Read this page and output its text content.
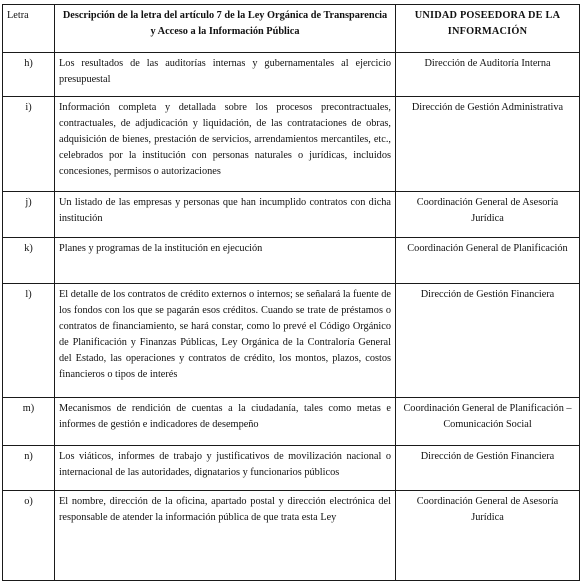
Letra	Descripción de la letra del artículo 7 de la Ley Orgánica de Transparencia y Acceso a la Información Pública	UNIDAD POSEEDORA DE LA INFORMACIÓN
h)	Los resultados de las auditorías internas y gubernamentales al ejercicio presupuestal	Dirección de Auditoría Interna
i)	Información completa y detallada sobre los procesos precontractuales, contractuales, de adjudicación y liquidación, de las contrataciones de obras, adquisición de bienes, prestación de servicios, arrendamientos mercantiles, etc., celebrados por la institución con personas naturales o jurídicas, incluidos concesiones, permisos o autorizaciones	Dirección de Gestión Administrativa
j)	Un listado de las empresas y personas que han incumplido contratos con dicha institución	Coordinación General de Asesoría Jurídica
k)	Planes y programas de la institución en ejecución	Coordinación General de Planificación
l)	El detalle de los contratos de crédito externos o internos; se señalará la fuente de los fondos con los que se pagarán esos créditos. Cuando se trate de préstamos o contratos de financiamiento, se hará constar, como lo prevé el Código Orgánico de Planificación y Finanzas Públicas, Ley Orgánica de la Contraloría General del Estado, las operaciones y contratos de crédito, los montos, plazos, costos financieros o tipos de interés	Dirección de Gestión Financiera
m)	Mecanismos de rendición de cuentas a la ciudadanía, tales como metas e informes de gestión e indicadores de desempeño	Coordinación General de Planificación – Comunicación Social
n)	Los viáticos, informes de trabajo y justificativos de movilización nacional o internacional de las autoridades, dignatarios y funcionarios públicos	Dirección de Gestión Financiera
o)	El nombre, dirección de la oficina, apartado postal y dirección electrónica del responsable de atender la información pública de que trata esta Ley	Coordinación General de Asesoría Jurídica
